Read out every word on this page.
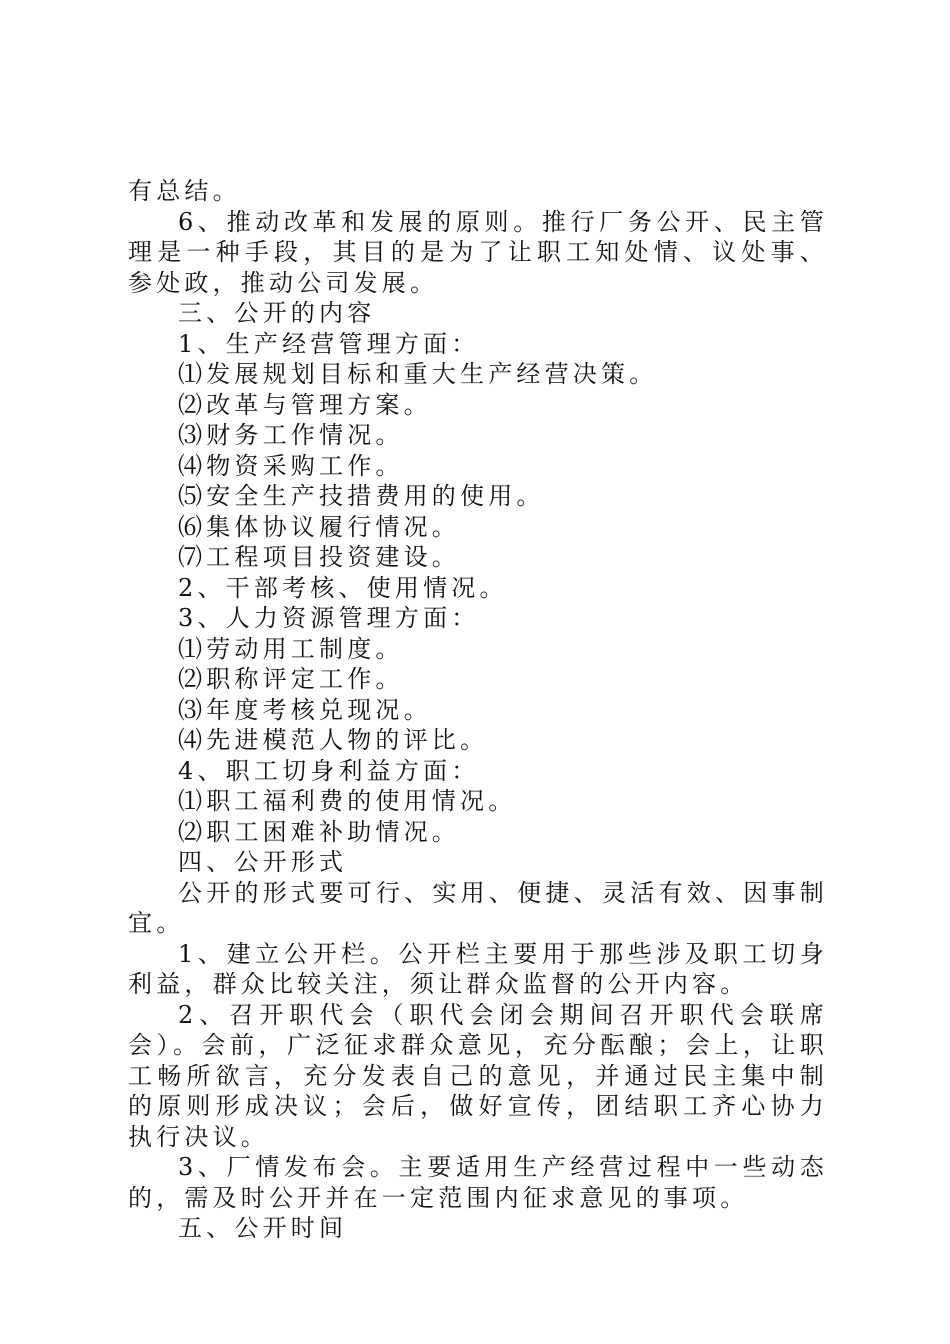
有总结。

6、推动改革和发展的原则。推行厂务公开、民主管理是一种手段，其目的是为了让职工知处情、议处事、参处政，推动公司发展。

三、公开的内容

1、生产经营管理方面：

⑴发展规划目标和重大生产经营决策。

⑵改革与管理方案。

⑶财务工作情况。

⑷物资采购工作。

⑸安全生产技措费用的使用。

⑹集体协议履行情况。

⑺工程项目投资建设。

2、干部考核、使用情况。

3、人力资源管理方面：

⑴劳动用工制度。

⑵职称评定工作。

⑶年度考核兑现况。

⑷先进模范人物的评比。

4、职工切身利益方面：

⑴职工福利费的使用情况。

⑵职工困难补助情况。

四、公开形式

公开的形式要可行、实用、便捷、灵活有效、因事制宜。

1、建立公开栏。公开栏主要用于那些涉及职工切身利益，群众比较关注，须让群众监督的公开内容。

2、召开职代会（职代会闭会期间召开职代会联席会）。会前，广泛征求群众意见，充分酝酿；会上，让职工畅所欲言，充分发表自己的意见，并通过民主集中制的原则形成决议；会后，做好宣传，团结职工齐心协力执行决议。

3、厂情发布会。主要适用生产经营过程中一些动态的，需及时公开并在一定范围内征求意见的事项。

五、公开时间
